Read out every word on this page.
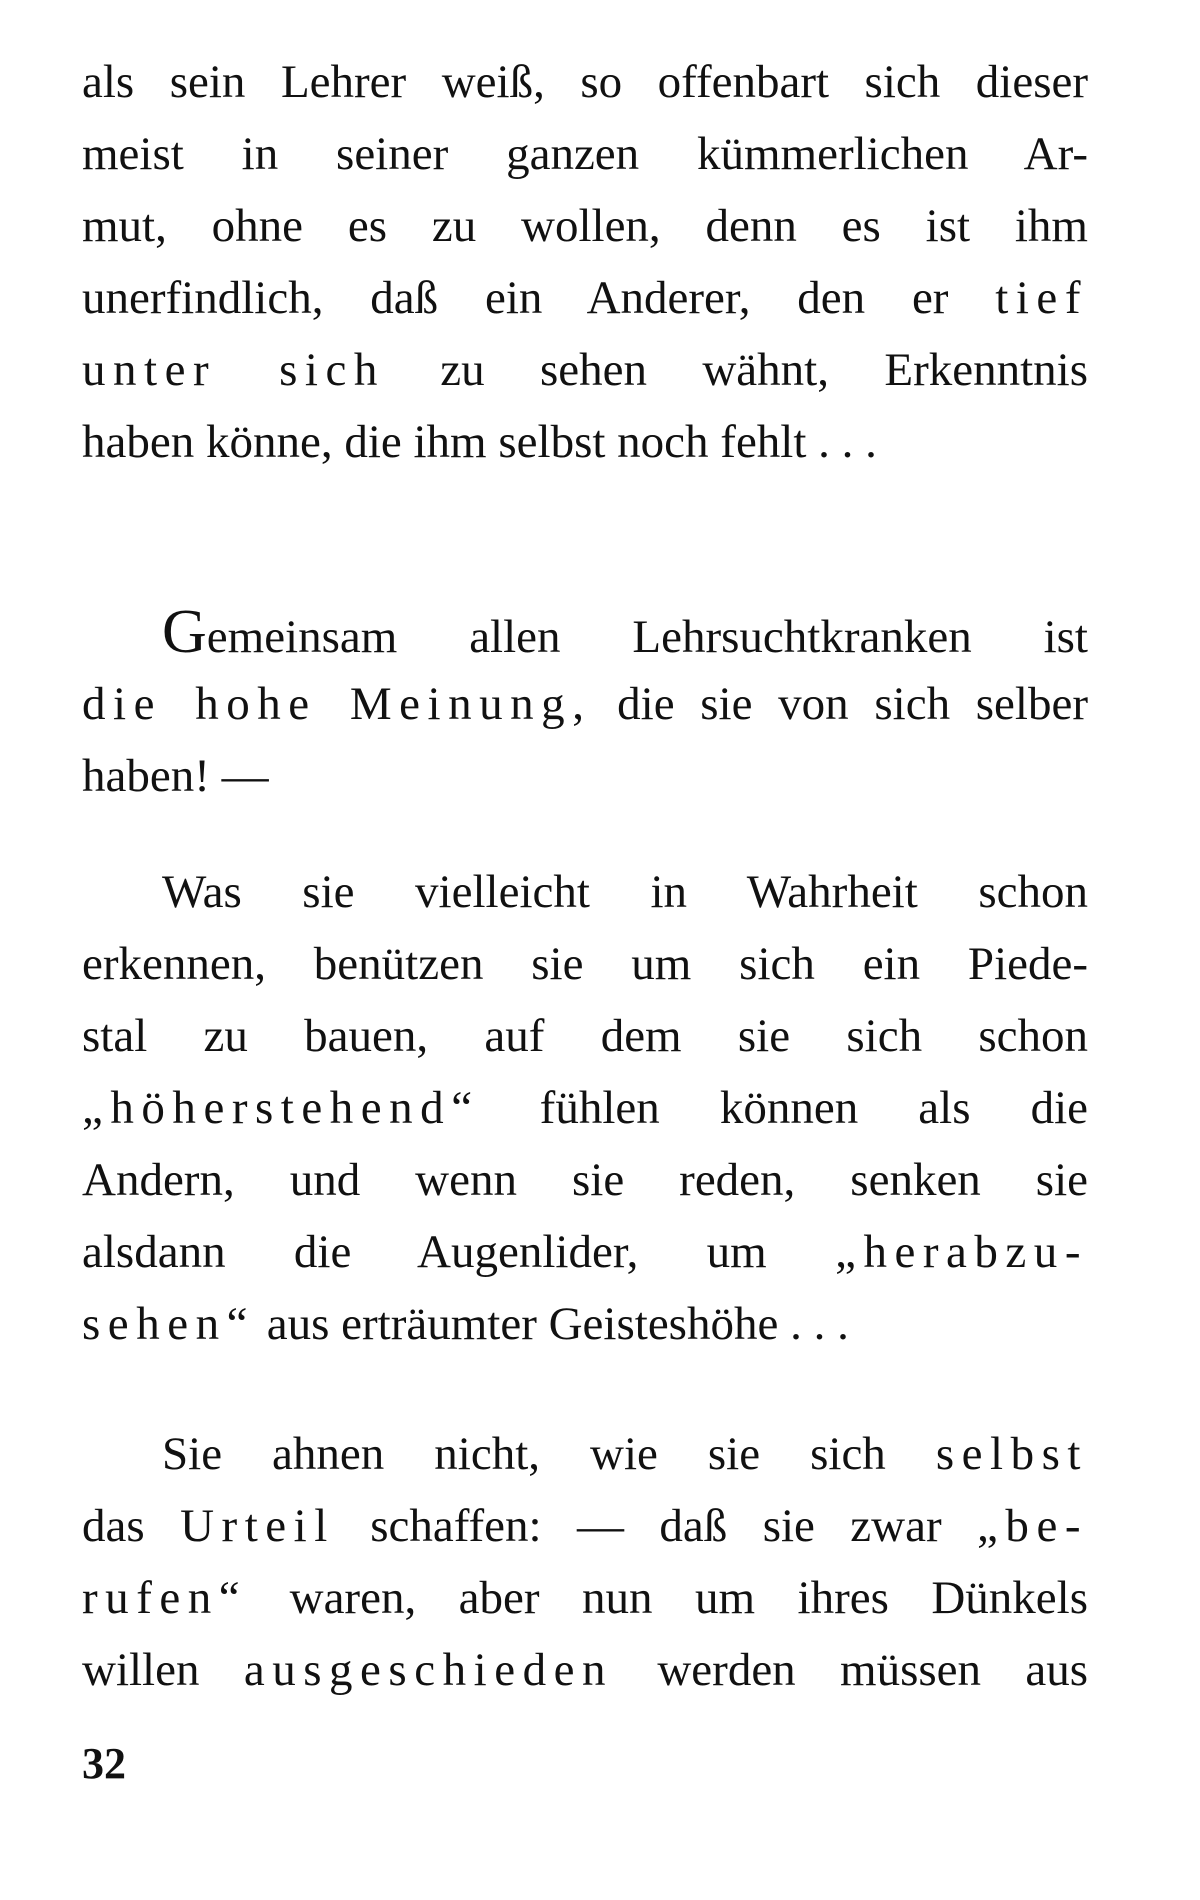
als sein Lehrer weiß, so offenbart sich dieser
meist in seiner ganzen kümmerlichen Ar-
mut, ohne es zu wollen, denn es ist ihm
unerfindlich, daß ein Anderer, den er tief
unter sich zu sehen wähnt, Erkenntnis
haben könne, die ihm selbst noch fehlt . . .
Gemeinsam allen Lehrsuchtkranken ist
die hohe Meinung, die sie von sich selber
haben! —
Was sie vielleicht in Wahrheit schon
erkennen, benützen sie um sich ein Piede-
stal zu bauen, auf dem sie sich schon
„höherstehend“ fühlen können als die
Andern, und wenn sie reden, senken sie
alsdann die Augenlider, um „herabzu-
sehen“ aus erträumter Geisteshöhe . . .
Sie ahnen nicht, wie sie sich selbst
das Urteil schaffen: — daß sie zwar „be-
rufen“ waren, aber nun um ihres Dünkels
willen ausgeschieden werden müssen aus
32
